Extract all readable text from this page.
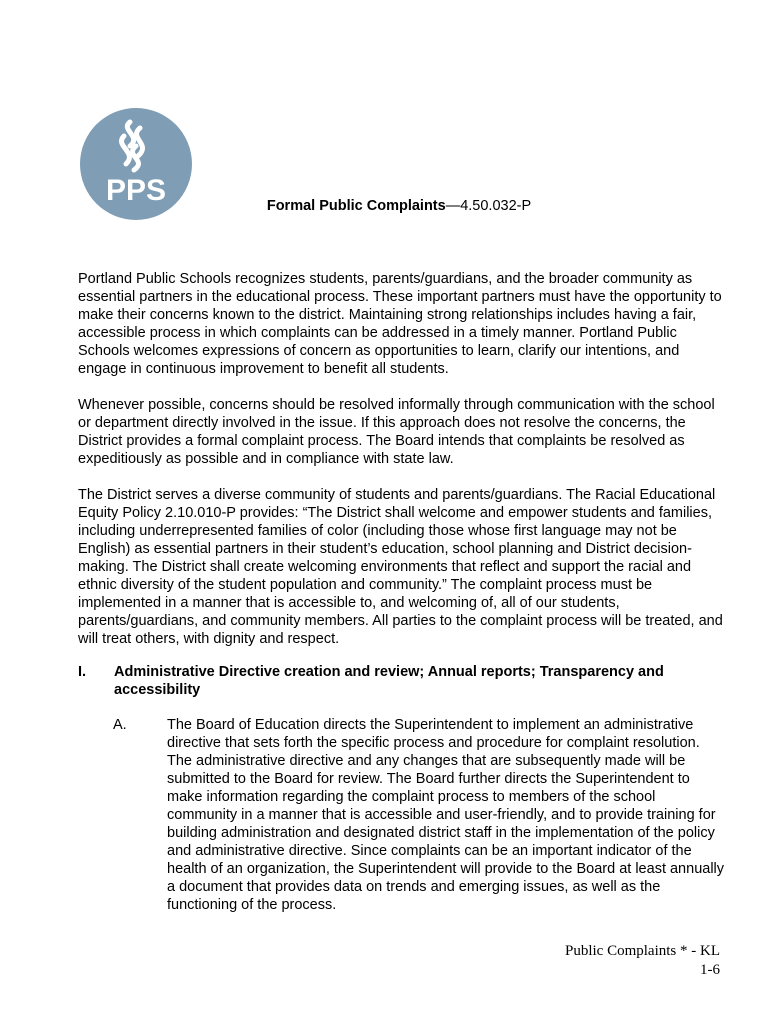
PPS	Formal Public Complaints—4.50.032-P

Portland Public Schools recognizes students, parents/guardians, and the broader community as essential partners in the educational process. These important partners must have the opportunity to make their concerns known to the district. Maintaining strong relationships includes having a fair, accessible process in which complaints can be addressed in a timely manner. Portland Public Schools welcomes expressions of concern as opportunities to learn, clarify our intentions, and engage in continuous improvement to benefit all students.

Whenever possible, concerns should be resolved informally through communication with the school or department directly involved in the issue. If this approach does not resolve the concerns, the District provides a formal complaint process. The Board intends that complaints be resolved as expeditiously as possible and in compliance with state law.

The District serves a diverse community of students and parents/guardians. The Racial Educational Equity Policy 2.10.010-P provides: “The District shall welcome and empower students and families, including underrepresented families of color (including those whose first language may not be English) as essential partners in their student’s education, school planning and District decision-making. The District shall create welcoming environments that reflect and support the racial and ethnic diversity of the student population and community.” The complaint process must be implemented in a manner that is accessible to, and welcoming of, all of our students, parents/guardians, and community members. All parties to the complaint process will be treated, and will treat others, with dignity and respect.

I. Administrative Directive creation and review; Annual reports; Transparency and accessibility
A.	The Board of Education directs the Superintendent to implement an administrative directive that sets forth the specific process and procedure for complaint resolution. The administrative directive and any changes that are subsequently made will be submitted to the Board for review. The Board further directs the Superintendent to make information regarding the complaint process to members of the school community in a manner that is accessible and user-friendly, and to provide training for building administration and designated district staff in the implementation of the policy and administrative directive. Since complaints can be an important indicator of the health of an organization, the Superintendent will provide to the Board at least annually a document that provides data on trends and emerging issues, as well as the functioning of the process.
Public Complaints * - KL
1-6
